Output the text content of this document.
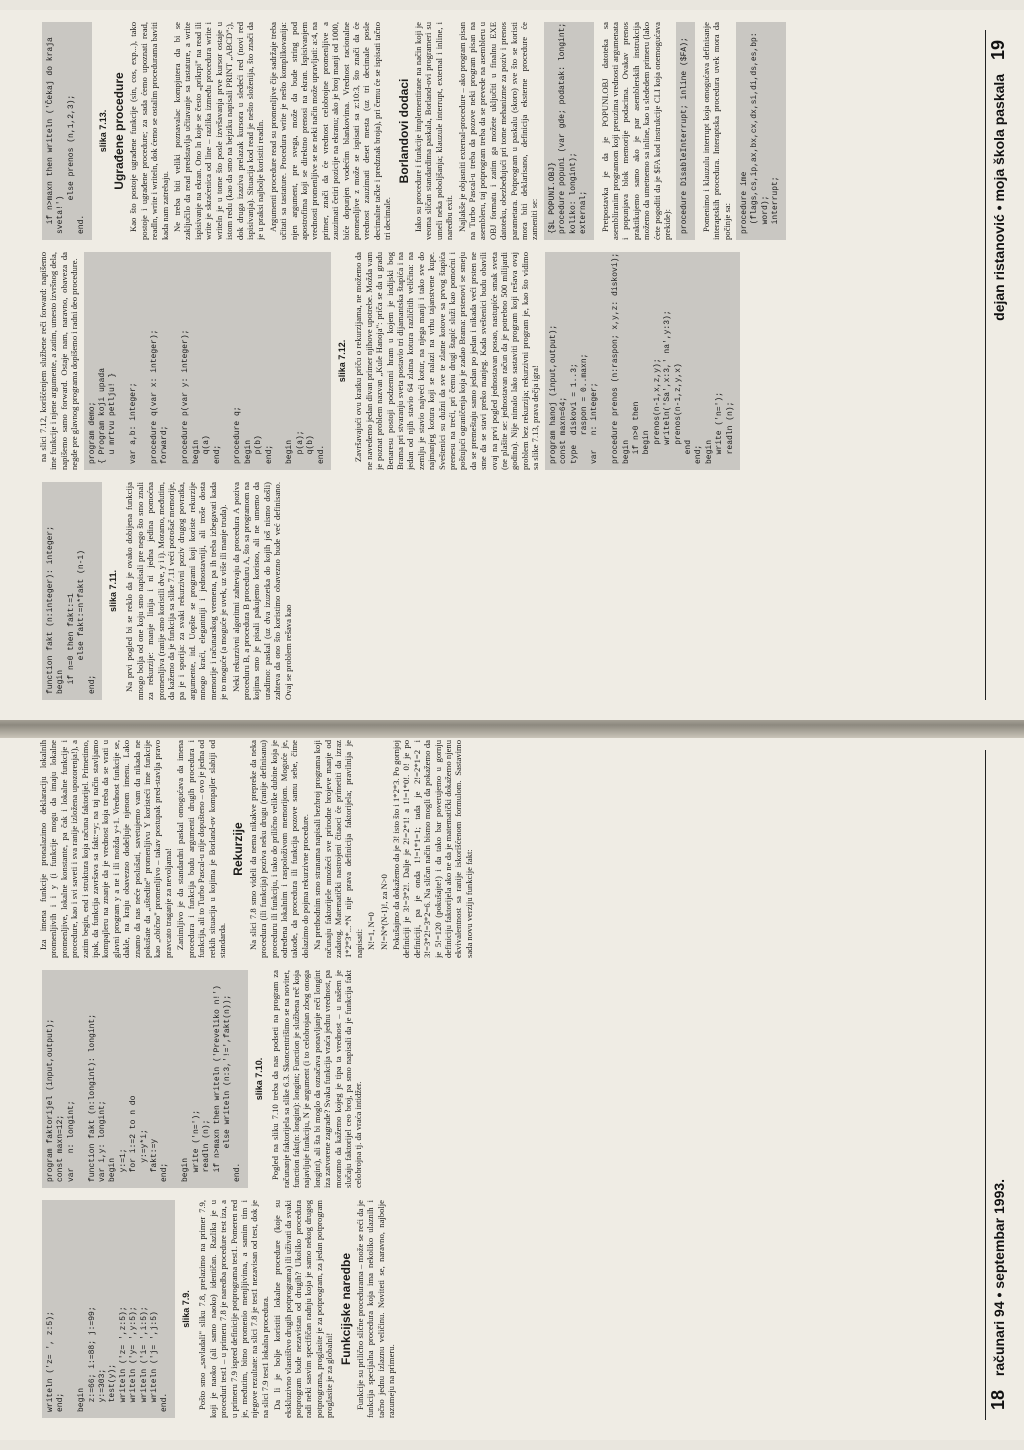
writeln ('z= ', z:5);
end;

begin
z:=66; i:=88; j:=99;
y:=303;
test(y);
writeln ('z= ',z:5);
writeln ('y= ',y:5);
writeln ('i= ',i:5);
writeln ('j= ',j:5)
end.
slika 7.9. Pošto smo „savladali" sliku 7.8, prelazimo na primer 7.9, koji je naoko (ali samo naoko) identičan. Razlika je u proceduri test1 – u primeru 7.8 je naredba procedure test iza, a u primeru 7.9 ispred definicije potprograma test1. Pomeren red je, međutim, bitno promenio menjljivima, a samim tim i njegove rezultate: na slici 7.8 je test1 nezavisan od test, dok je na slici 7.9 test1 lokalna procedura. Da li je bolje koristiti lokalne procedure (koje su ekskluzivno vlasništvo drugih potprograma) ili uživati da svaki potprogram bude nezavistan od drugih? Ukoliko procedura radi neki sasvim specifičan radnju koja je samo nekog drugog potprograma, proglasite je za potprogram, za jedan potprogram proglasite je za globalni!

Funkcijske naredbe Funkcije su prilično slične procedurama – može se reći da je funkcija specijalna procedura koja ima nekoliko ulaznih i tačno jednu izlaznu veličinu. Noviteti se, naravno, najbolje razumeju na primeru.

program faktorijel (input,output);
const maxn=12;
var   n: longint;

function fakt (n:longint): longint;
var i,y: longint;
begin
y:=1;
for i:=2 to n do
y:=y*i;
fakt:=y
end;

begin
write ('n=');
readln (n);
if n>maxn then writeln ('Preveliko n!')
else writeln (n:3,'!=',fakt(n));
end.
slika 7.10. Pogled na sliku 7.10 treba da nas podseti na program za računanje faktorijela sa slike 6.3. Skoncentrišimo se na novitet, function fakt(n: longint): longint; Function je službena reč koja najavljuje funkciju, N je argument (i to celobrojan zbog onoga longint), ali šta bi moglo da označava ponavljanje reči longint iza zatvorene zagrade? Svaka funkcija vraća jednu vrednost, pa moramo da kažemo kojeg je tipa ta vrednost – u našem je slučaju faktorijel ceo broj, pa smo napisali da je funkcija fakt celobrojna tj. da vraća intidžer.

Iza imena funkcije pronalazimo deklaraciju lokalnih promenljivih i i y (i funkcije mogu da imaju lokalne promenljive, lokalne konstante, pa čak i lokalne funkcije i procedure, kao i svi saveti i sva ranije izložena upozorenja!), a zatim begin, end i struktura koja računa faktorijel. Primetimo, ipak, da funkcija završava sa fakt:=y; na taj način stavljamo kompajleru na znanje da je vrednost koja treba da se vrati u glavni program y a ne i ili možda y+1. Vrednost funkcije se, dakle, na kraju obavezno dodeljuje njenom imenu. Lako znamo da nas neće poslušati, savetujemo vam da nikada ne pokušate da „uštedite" promenljivu Y koristeći ime funkcije kao „obično" promenljivo – takav postupak pred-stavlja pravo pravcato traganje za nevoljama! Zanimljivo je da standardni paskal omogućava da imena procedura i funkcija budu argumenti drugih procedura i funkcija, ali to Turbo Pascal-u nije dopušteno – ovo je jedna od retkih situacija u kojima je Borland-ov kompajler slabiji od standarda.

Rekurzije Na slici 7.8 smo videli da nema nikakve prepreke da neka procedura (ili funkcija) poziva neku drugu (ranije definisanu) proceduru ili funkciju, i tako do prilično velike dubine koja je određena lokalnim i raspoloživom memorijom. Moguće je, takođe, da procedura ili funkcija pozove samu sebe, čime dolazimo do pojma rekurzivne procedure. Na prethodnim smo stranama napisali bezbroj programa koji računaju faktorijele množeći sve prirodne brojeve manje od zadatog. Matematički nastrojeni čitaoci će primetiti da izraz 1*2*3*...*N nije prava definicija faktorijela; pravilnija je napisati: N!=1, N=0 N!=N*(N-1)!, za N>0 Pokušajmo da dokažemo da je 3! isto što i 1*2*3. Po gornjoj definiciji je 3!=3*2!. Dalje je 2!=2*1! a 1!=1*0!. 0! je po definiciji, pa je onda 1!=1*1=1; tada je 2!=2*1=2 i 3!=3*2!=3*2=6. Na sličan način bismo mogli da pokažemo da je 5!=120 (pokušajte!) i da tako bar poverujemo u gornju definiciju faktorijela ako ne da je matematički dokažemo njenu ekvivalentnost sa ranije iskorišćenom formulom. Sastavimo sada novu verziju funkcije fakt:

18 računari 94 • septembar 1993.
function fakt (n:integer): integer;
begin
if n=0 then fakt:=1
else fakt:=n*fakt (n-1)
end;
slika 7.11. Na prvi pogled bi se reklo da je ovako dobijena funkcija mnogo bolja od one koju smo napisali pre nego što smo znali za rekurzije: manje linija i ni jedna jedina pomoćna promenljiva (ranije smo koristili dve, y i i). Moramo, međutim, da kažemo da je funkcija sa slike 7.11 veći potrošač memorije, pa je i sporija: za svaki rekurzivni poziv drugog povratka, argumente, itd. Uopšte se programi koji koriste rekurzije mnogo kraći, elegantniji i jednostavniji, ali troše dosta memorije i računarskog vremena, pa ih treba izbegavati kada je to moguće (a moguće je uvek, uz više ili manje truda). Neki rekurzivni algoritmi zahtevaju da procedura A poziva proceduru B, a procedura B proceduru A, što sa programom na kojima smo je pisali pakujemo korisno, ali ne umemo da uradimo: paskal (uz dva izuzetka do kojih još nismo došli) zahteva da ono što koristimo obavezno bude već definisano. Ovaj se problem rešava kao

na slici 7.12, korišćenjem službene reči forward: napišemo ime funkcije i njene argumente, a zatim, umesto izvršnog dela, napišemo samo forward. Ostaje nam, naravno, obaveza da negde pre glavnog programa dopišemo i radni deo procedure.	program demo;
{ Program koji upada
u mrtvu petlju! }

var a,b: integer;

procedure q(var x: integer);
forward;

procedure p(var y: integer);
begin
q(a)
end;

procedure q;
begin
p(b)
end;

begin
p(a);
q(b)
end.
slika 7.12. Završavajući ovu kratku priču o rekurzijama, ne možemo da ne navedemo jedan divan primer njihove upotrebe. Možda vam je poznat problem nazvan „Kule Hanoja": priča se da u gradu Benaresu postoji podzemni hram u kojem je indijski bog Brama pri stvaranju sveta postavio tri dijamantska štapića i na jedan od njih stavio 64 zlatna kotura različitih veličina: na zemlju je stavio najveći kotur, na njega manji i tako sve do najmanjeg kotura koji se nalazi na vrhu tajanstvene kupe. Sveštenici su dužni da sve te zlatne kotove sa prvog štapića prenesu na treći, pri čemu drugi štapić služi kao pomoćni i poštujući ograničenja koja je zadao Brama: prstenovi se smeju da se premeštaju samo jedan po jedan i nikada veći prsten ne sme da se stavi preko manjeg. Kada sveštenici budu obavili ovaj na prvi pogled jednostavan posao, nastupiće smak sveta (ne plašite se: jednostavan račun da je potrebno 500 milijardi godina). Nije nimalo lako sastaviti program koji rešava ovaj problem bez rekurzija; rekurzivni program je, kao što vidimo sa slike 7.13, prava dečja igra!	program hanoj (input,output);
const maxn=64;
type  diskovi = 1..3;
raspon = 0..maxn;
var   n: integer;

procedure prenos (n:raspon; x,y,z: diskovi);
begin
if n>0 then
begin
prenos(n-1,x,z,y);
writeln('Sa',x:3,' na',y:3);
prenos(n-1,z,y,x)
end
end;
begin
write ('n=');
readln (n);
if n>maxn then writeln ('Čekaj do kraja
sveta!')
else prenos (n,1,2,3);
end.
slika 7.13. Ugrađene procedure Kao što postoje ugrađene funkcije (sin, cos, exp...), tako postoje i ugrađene procedure; za sada ćemo upoznati read, readln, write i writeln, dok ćemo se ostalim procedurama baviti kada nam zatrebaju. Ne treba biti veliki poznavalac kompjutera da bi se zaključilo da read predstavlja učitavanje sa tastature, a write ispisivanje na ekran. Ono ln koje se često „prikrpi" na read ili write je skraćenica od line – razlika između procedura write i writeln je u tome što posle izvršavanja prve kursor ostaje u istom redu (kao da smo na bejziku napisali PRINT „ABCD";), dok druga izaziva prelazak kursora u sledeći red (novi red ispisivanja). Situacija kod read je nešto složenija, što znači da je u praksi najbolje koristiti readln. Argumenti procedure read su promenljive čije sadržaje treba učitati sa tastature. Procedura write je nešto komplikovanija: njen argument, pre svega, može da bude string pod apostrofima koji se direktno prenosi na ekran. Ispisivanjem vrednosti promenljive se ne neki način može upravljati: a:4, na primer, znači da će vrednost celobrojne promenljive a zauzimati četiri pozicije na ekranu; ako je broj manji od 1000, biće dopunjen vodećim blankovima. Vrednost racionalne promenljive z može se ispisati sa z:10:3, što znači da će vrednost zauzimati deset mesta (uz tri decimale posle decimalne tačke i predznak broja), pri čemu će se ispisati tačno tri decimale.

Borlandovi dodaci Iako su procedure i funkcije implementirane na način koji je veoma sličan standardima paskala, Borland-ovi programeri su umeli neka poboljšanja; klauzule interrupt, external i inline, i naredbu exit. Najlakše je objasniti external-procedure – ako program pisan na Turbo Pascal-u treba da pozove neki program pisan na asembleru, taj potprogram treba da se prevede na asembleru u OBJ formatu i zatim ga možete uključiti u finalnu EXE datoteku, obezbeđujući pri tome mehanizme za poziv i prenos parametara. Potprogram u paskalu (skoro) sve što se koristi mora biti deklarisano, definicija eksterne procedure će zameniti se:	{$L POPUNI.OBJ}
procedure popuni (var gde; podatak: longint;
koliko: longint);
external;	Pretpostavka je da je POPUNI.OBJ datoteka sa asembliranim programom koji preuzima vrednosti argumenata i popunjava blok memorije podacima. Ovakav prenos praktikujemo samo ako je par asemblerskih instrukcija možemo da umetnemo sa inline, kao u slededem primeru (lako ćete pogoditi da je $FA kod instrukcije CLI koja onemogućava prekide):	procedure DisableInterrupt; inline ($FA);	Pomenimo i klauzulu interrupt koja omogućava definisanje interaptskih procedura. Interaptska procedura uvek mora da počinje sa:	procedure ime
(flags,cs,ip,ax,bx,cx,dx,si,di,ds,es,bp:
word);
interrupt;	dejan ristanović • moja škola paskala 19
